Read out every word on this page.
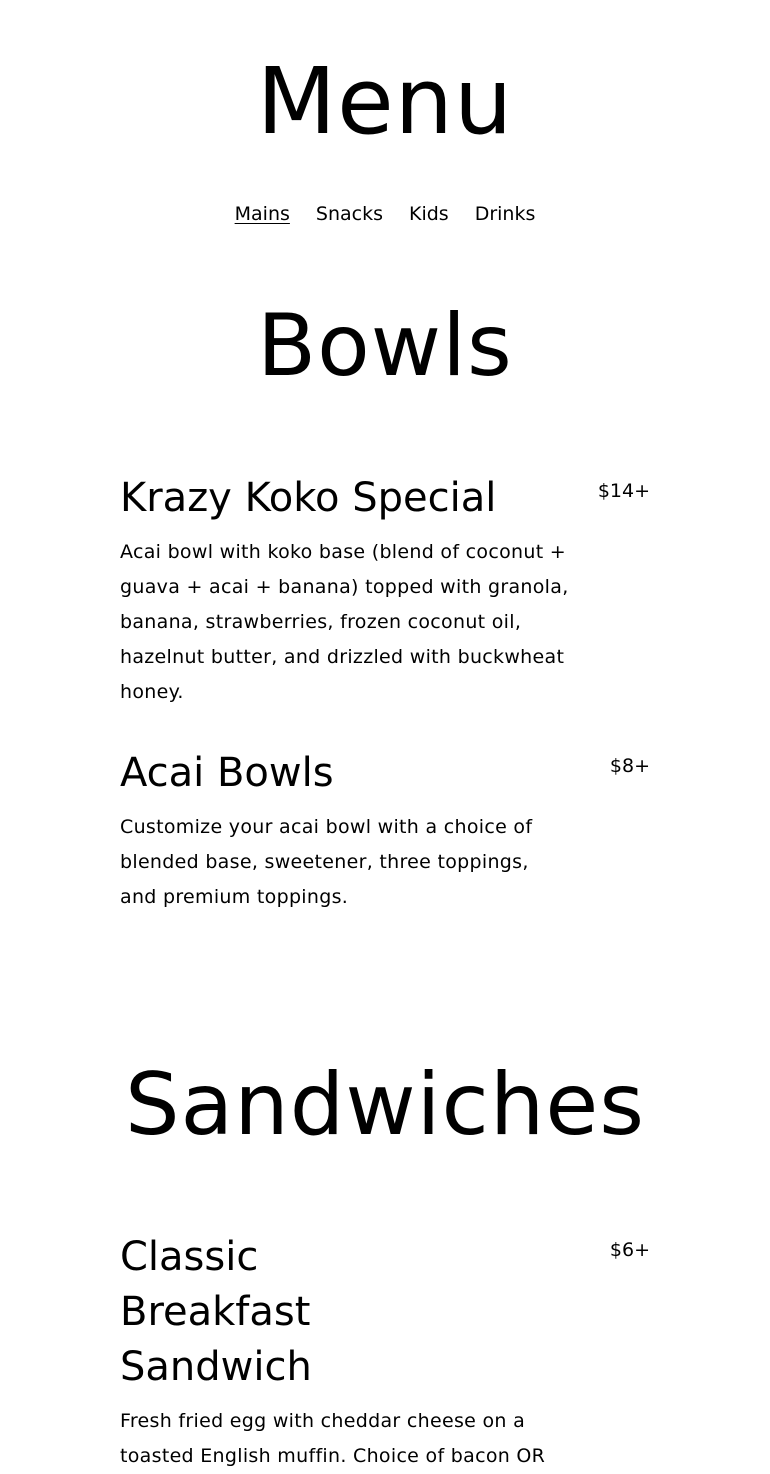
Menu
Mains Snacks Kids Drinks
Bowls
Krazy Koko Special	$14+

Acai bowl with koko base (blend of coconut + guava + acai + banana) topped with granola, banana, strawberries, frozen coconut oil, hazelnut butter, and drizzled with buckwheat honey.

Acai Bowls	$8+

Customize your acai bowl with a choice of blended base, sweetener, three toppings, and premium toppings.

Sandwiches
Classic Breakfast Sandwich
$6+

Fresh fried egg with cheddar cheese on a toasted English muffin. Choice of bacon OR
